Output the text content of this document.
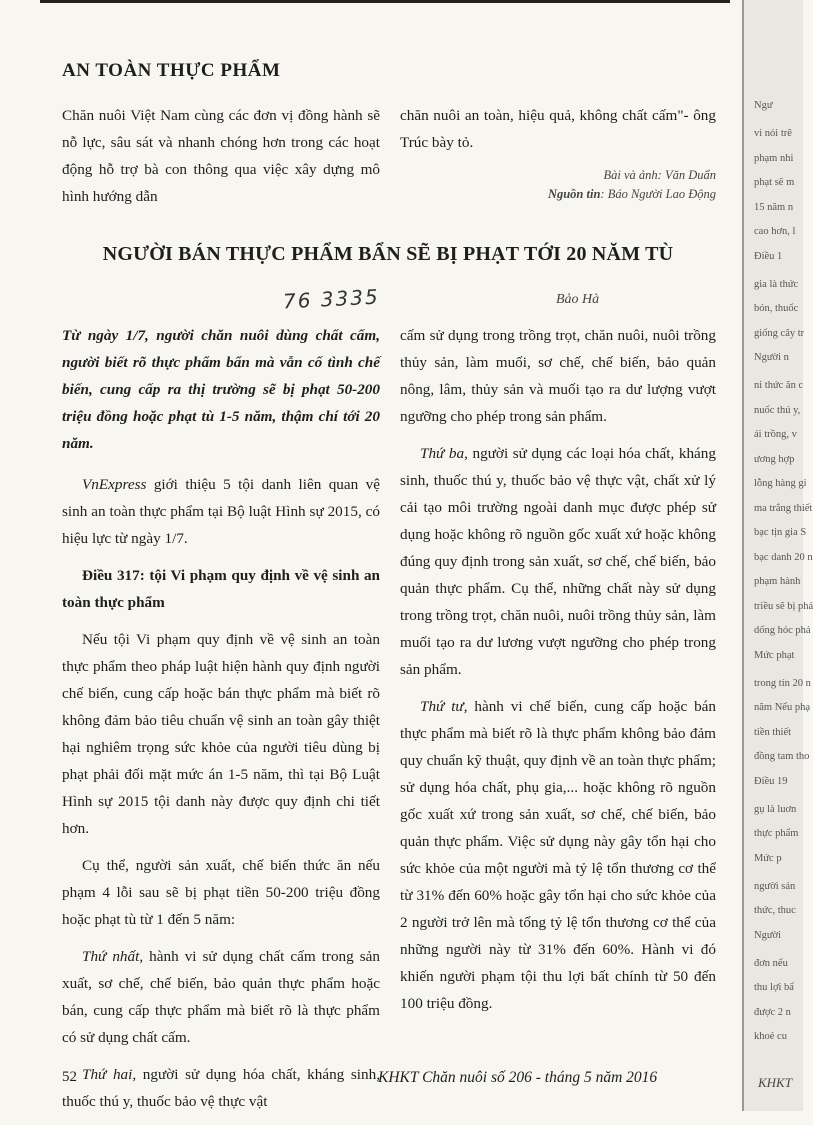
AN TOÀN THỰC PHẨM
Chăn nuôi Việt Nam cùng các đơn vị đồng hành sẽ nỗ lực, sâu sát và nhanh chóng hơn trong các hoạt động hỗ trợ bà con thông qua việc xây dựng mô hình hướng dẫn
chăn nuôi an toàn, hiệu quả, không chất cấm"- ông Trúc bày tỏ.
Bài và ảnh: Văn Duẩn
Nguồn tin: Báo Người Lao Động
NGƯỜI BÁN THỰC PHẨM BẨN SẼ BỊ PHẠT TỚI 20 NĂM TÙ
76 3335	Bảo Hà

Từ ngày 1/7, người chăn nuôi dùng chất cấm, người biết rõ thực phẩm bẩn mà vẫn cố tình chế biến, cung cấp ra thị trường sẽ bị phạt 50-200 triệu đồng hoặc phạt tù 1-5 năm, thậm chí tới 20 năm.

VnExpress giới thiệu 5 tội danh liên quan vệ sinh an toàn thực phẩm tại Bộ luật Hình sự 2015, có hiệu lực từ ngày 1/7.

Điều 317: tội Vi phạm quy định về vệ sinh an toàn thực phẩm

Nếu tội Vi phạm quy định về vệ sinh an toàn thực phẩm theo pháp luật hiện hành quy định người chế biến, cung cấp hoặc bán thực phẩm mà biết rõ không đảm bảo tiêu chuẩn vệ sinh an toàn gây thiệt hại nghiêm trọng sức khỏe của người tiêu dùng bị phạt phải đối mặt mức án 1-5 năm, thì tại Bộ Luật Hình sự 2015 tội danh này được quy định chi tiết hơn.

Cụ thể, người sản xuất, chế biến thức ăn nếu phạm 4 lỗi sau sẽ bị phạt tiền 50-200 triệu đồng hoặc phạt tù từ 1 đến 5 năm:

Thứ nhất, hành vi sử dụng chất cấm trong sản xuất, sơ chế, chế biến, bảo quản thực phẩm hoặc bán, cung cấp thực phẩm mà biết rõ là thực phẩm có sử dụng chất cấm.

Thứ hai, người sử dụng hóa chất, kháng sinh, thuốc thú y, thuốc bảo vệ thực vật

cấm sử dụng trong trồng trọt, chăn nuôi, nuôi trồng thủy sản, làm muối, sơ chế, chế biến, bảo quản nông, lâm, thủy sản và muối tạo ra dư lượng vượt ngưỡng cho phép trong sản phẩm.

Thứ ba, người sử dụng các loại hóa chất, kháng sinh, thuốc thú y, thuốc bảo vệ thực vật, chất xử lý cải tạo môi trường ngoài danh mục được phép sử dụng hoặc không rõ nguồn gốc xuất xứ hoặc không đúng quy định trong sản xuất, sơ chế, chế biến, bảo quản thực phẩm. Cụ thể, những chất này sử dụng trong trồng trọt, chăn nuôi, nuôi trồng thủy sản, làm muối tạo ra dư lương vượt ngưỡng cho phép trong sản phẩm.

Thứ tư, hành vi chế biến, cung cấp hoặc bán thực phẩm mà biết rõ là thực phẩm không bảo đảm quy chuẩn kỹ thuật, quy định về an toàn thực phẩm; sử dụng hóa chất, phụ gia,... hoặc không rõ nguồn gốc xuất xứ trong sản xuất, sơ chế, chế biến, bảo quản thực phẩm. Việc sử dụng này gây tổn hại cho sức khỏe của một người mà tỷ lệ tổn thương cơ thể từ 31% đến 60% hoặc gây tổn hại cho sức khỏe của 2 người trở lên mà tổng tỷ lệ tổn thương cơ thể của những người này từ 31% đến 60%. Hành vi đó khiến người phạm tội thu lợi bất chính từ 50 đến 100 triệu đồng.

52	KHKT Chăn nuôi số 206 - tháng 5 năm 2016
Ngư
vi nói trê
phạm nhi
phạt sẽ m
15 năm n
cao hơn, l
Điều 1
gia là thức
bón, thuốc
giống cây tr
Người n
ni thức ăn c
nuốc thú y,
ái trồng, v
ương hợp
lỗng hàng gi
ma trắng thiết
bạc tịn gia S
bạc danh 20 n
phạm hành
triều sẽ bị phá
dống hóc phả
Mức phạt
trong tín 20 n
năm Nếu phạ
tiền thiết
đồng tam tho
Điều 19
gụ là luơn
thực phẩm
Mức p
người sản
thức, thuc
Người
đơn nếu
thu lợi bấ
được 2 n
khoẻ cu
KHKT
